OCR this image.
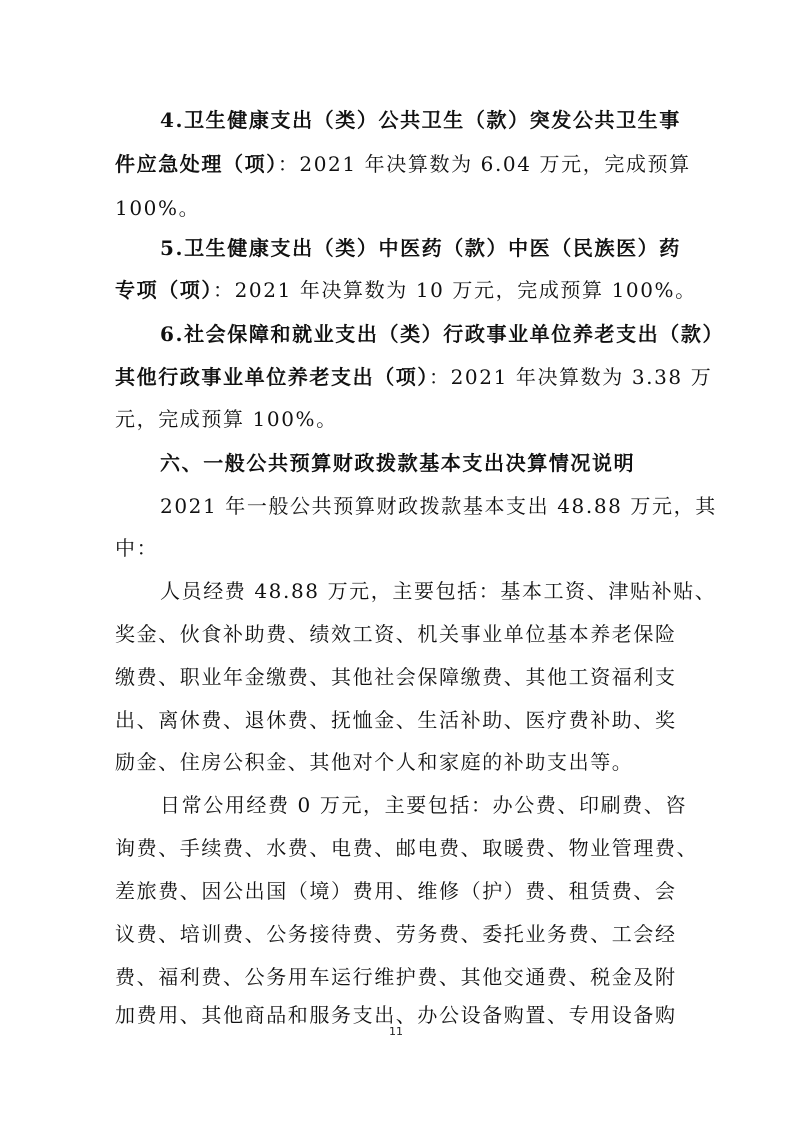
4.卫生健康支出（类）公共卫生（款）突发公共卫生事
件应急处理（项）：2021 年决算数为 6.04 万元，完成预算
100%。
5.卫生健康支出（类）中医药（款）中医（民族医）药
专项（项）：2021 年决算数为 10 万元，完成预算 100%。
6.社会保障和就业支出（类）行政事业单位养老支出（款）
其他行政事业单位养老支出（项）：2021 年决算数为 3.38 万
元，完成预算 100%。
六、一般公共预算财政拨款基本支出决算情况说明
2021 年一般公共预算财政拨款基本支出 48.88 万元，其
中：
人员经费 48.88 万元，主要包括：基本工资、津贴补贴、
奖金、伙食补助费、绩效工资、机关事业单位基本养老保险
缴费、职业年金缴费、其他社会保障缴费、其他工资福利支
出、离休费、退休费、抚恤金、生活补助、医疗费补助、奖
励金、住房公积金、其他对个人和家庭的补助支出等。
日常公用经费 0 万元，主要包括：办公费、印刷费、咨
询费、手续费、水费、电费、邮电费、取暖费、物业管理费、
差旅费、因公出国（境）费用、维修（护）费、租赁费、会
议费、培训费、公务接待费、劳务费、委托业务费、工会经
费、福利费、公务用车运行维护费、其他交通费、税金及附
加费用、其他商品和服务支出、办公设备购置、专用设备购
11
